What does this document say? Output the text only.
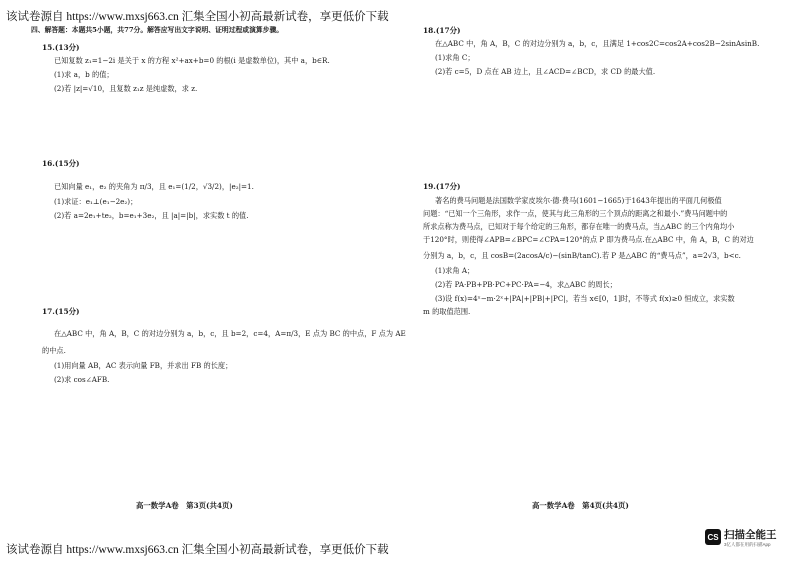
该试卷源自 https://www.mxsj663.cn 汇集全国小初高最新试卷，享更低价下载
四、解答题：本题共5小题，共77分。解答应写出文字说明、证明过程或演算步骤。
15.(13分)
已知复数 z₁=1−2i 是关于 x 的方程 x²+ax+b=0 的根(i 是虚数单位)，其中 a，b∈R.
(1)求 a，b 的值；
(2)若 |z|=√10，且复数 z₁z 是纯虚数，求 z.
16.(15分)
已知向量 e₁，e₂ 的夹角为 π/3，且 e₁=(1/2，√3/2)，|e₂|=1.
(1)求证：e₁⊥(e₁−2e₂)；
(2)若 a=2e₁+te₂，b=e₁+3e₂，且 |a|=|b|，求实数 t 的值.
17.(15分)
在△ABC 中，角 A，B，C 的对边分别为 a，b，c，且 b=2，c=4，A=π/3，E 点为 BC 的中点，F 点为 AE
的中点.
(1)用向量 AB，AC 表示向量 FB，并求出 FB 的长度；
(2)求 cos∠AFB.
高一数学A卷　第3页(共4页)
18.(17分)
在△ABC 中，角 A，B，C 的对边分别为 a，b，c，且满足 1+cos2C=cos2A+cos2B−2sinAsinB.
(1)求角 C；
(2)若 c=5，D 点在 AB 边上，且∠ACD=∠BCD，求 CD 的最大值.
19.(17分)
著名的费马问题是法国数学家皮埃尔·德·费马(1601−1665)于1643年提出的平面几何极值
问题：“已知一个三角形，求作一点，使其与此三角形的三个顶点的距离之和最小.”费马问题中的
所求点称为费马点，已知对于每个给定的三角形，都存在唯一的费马点，当△ABC 的三个内角均小
于120°时，则使得∠APB=∠BPC=∠CPA=120°的点 P 即为费马点.在△ABC 中，角 A，B，C 的对边
分别为 a，b，c，且 cosB=(2acosA/c)−(sinB/tanC).若 P 是△ABC 的“费马点”，a=2√3，b<c.
(1)求角 A；
(2)若 PA·PB+PB·PC+PC·PA=−4，求△ABC 的周长；
(3)设 f(x)=4ˣ−m·2ˣ+|PA|+|PB|+|PC|，若当 x∈[0，1]时，不等式 f(x)≥0 恒成立，求实数
m 的取值范围.
高一数学A卷　第4页(共4页)
CS 扫描全能王
3亿人都在用的扫描App
该试卷源自 https://www.mxsj663.cn 汇集全国小初高最新试卷，享更低价下载
